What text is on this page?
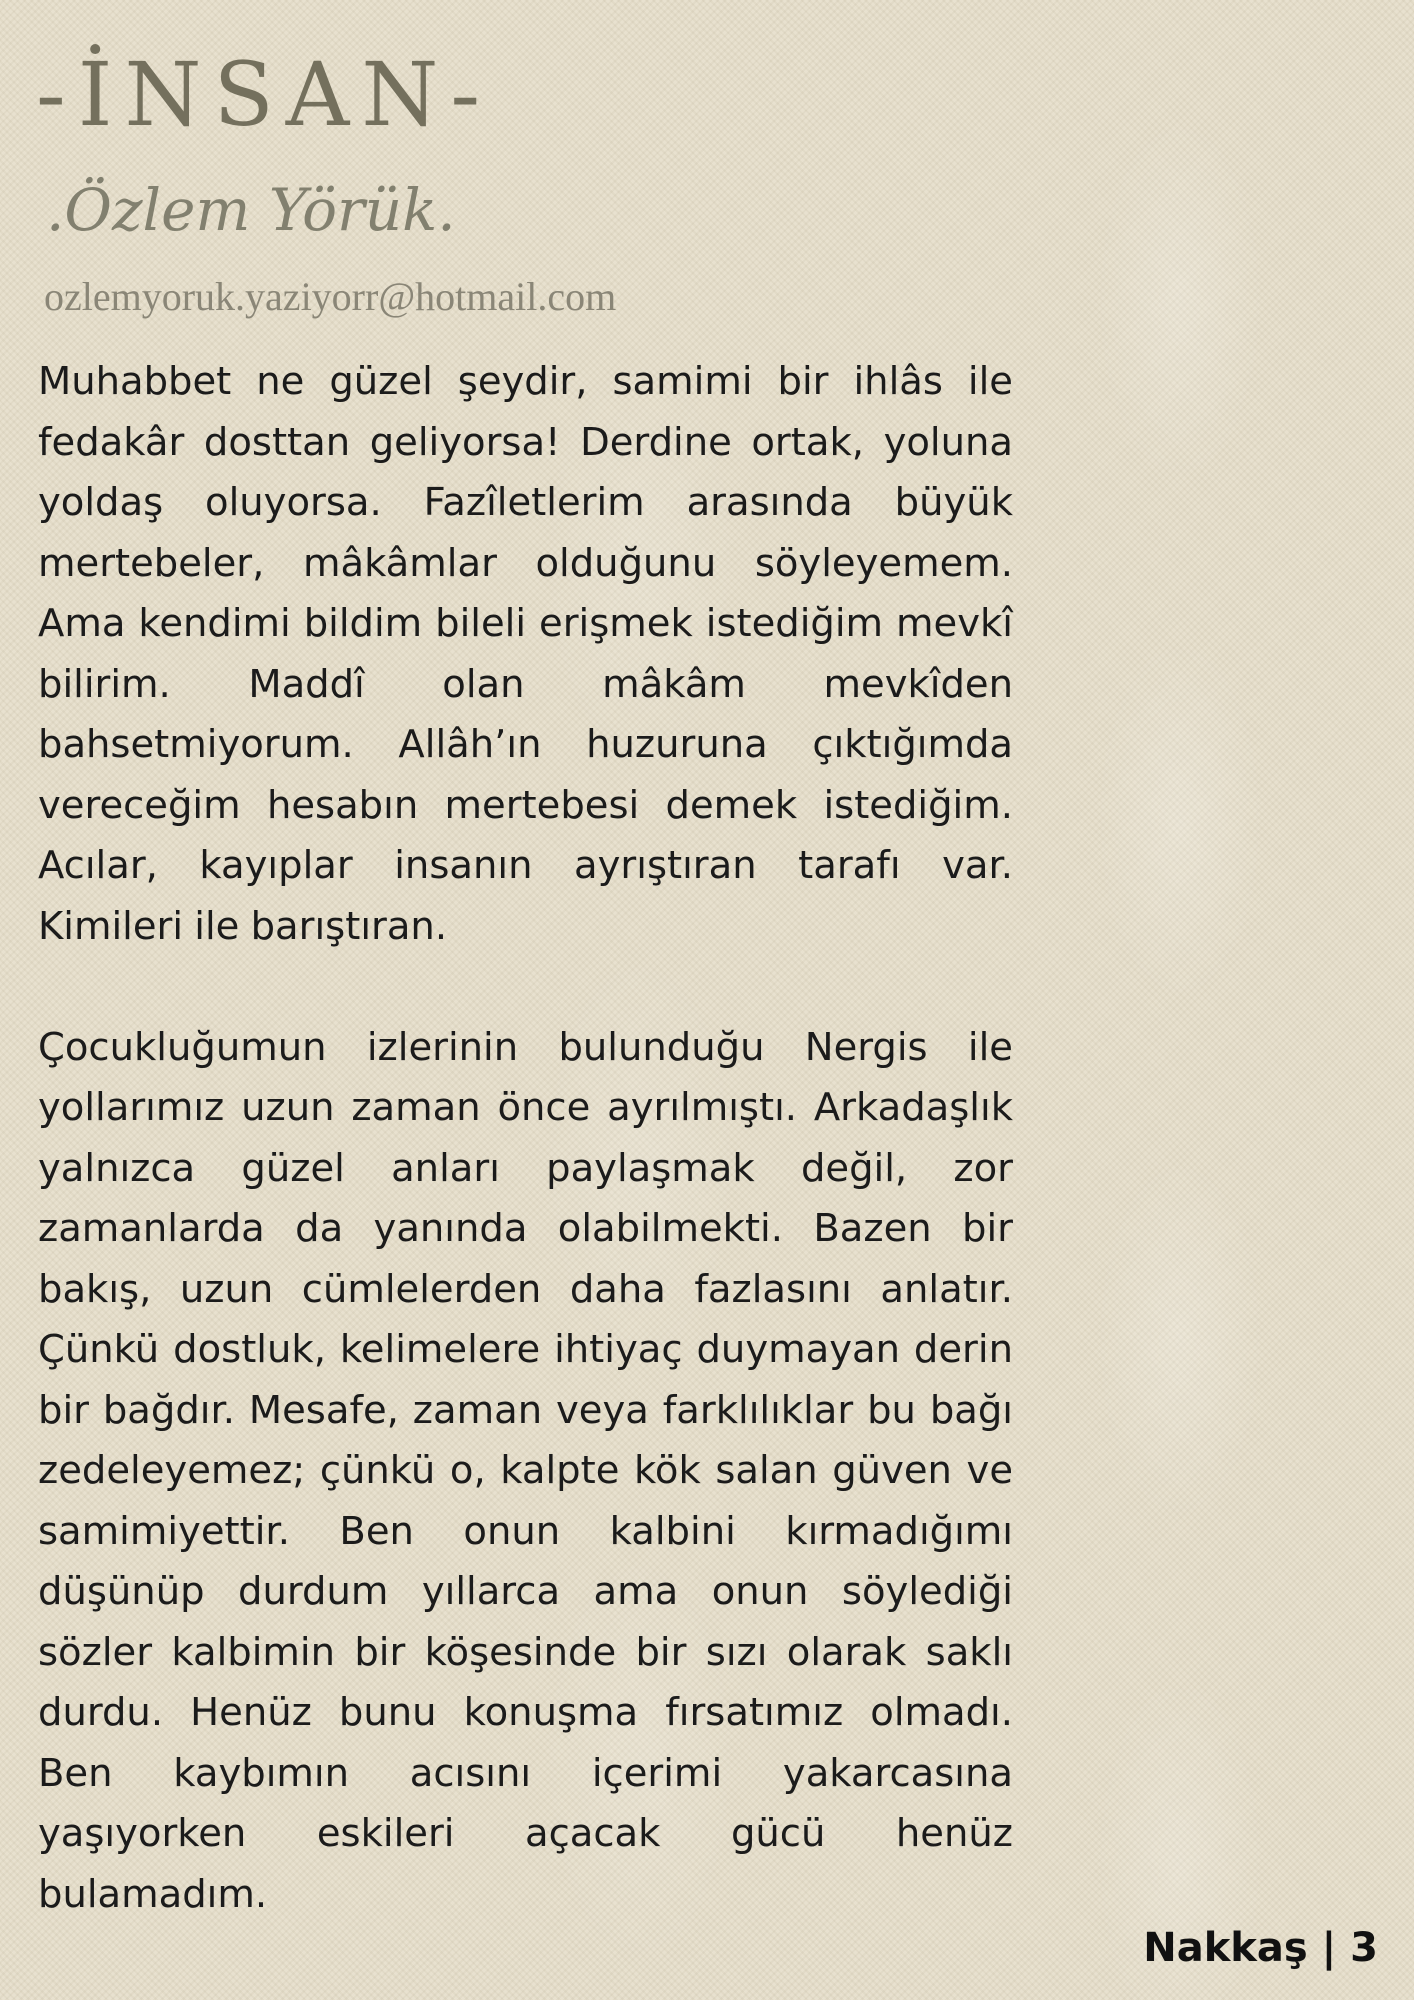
-İNSAN-
.Özlem Yörük.
ozlemyoruk.yaziyorr@hotmail.com

Muhabbet ne güzel şeydir, samimi bir ihlâs ile fedakâr dosttan geliyorsa! Derdine ortak, yoluna yoldaş oluyorsa. Fazîletlerim arasında büyük mertebeler, mâkâmlar olduğunu söyleyemem. Ama kendimi bildim bileli erişmek istediğim mevkî bilirim. Maddî olan mâkâm mevkîden bahsetmiyorum. Allâh’ın huzuruna çıktığımda vereceğim hesabın mertebesi demek istediğim. Acılar, kayıplar insanın ayrıştıran tarafı var. Kimileri ile barıştıran.

Çocukluğumun izlerinin bulunduğu Nergis ile yollarımız uzun zaman önce ayrılmıştı. Arkadaşlık yalnızca güzel anları paylaşmak değil, zor zamanlarda da yanında olabilmekti. Bazen bir bakış, uzun cümlelerden daha fazlasını anlatır. Çünkü dostluk, kelimelere ihtiyaç duymayan derin bir bağdır. Mesafe, zaman veya farklılıklar bu bağı zedeleyemez; çünkü o, kalpte kök salan güven ve samimiyettir. Ben onun kalbini kırmadığımı düşünüp durdum yıllarca ama onun söylediği sözler kalbimin bir köşesinde bir sızı olarak saklı durdu. Henüz bunu konuşma fırsatımız olmadı. Ben kaybımın acısını içerimi yakarcasına yaşıyorken eskileri açacak gücü henüz bulamadım.

Nakkaş | 3
